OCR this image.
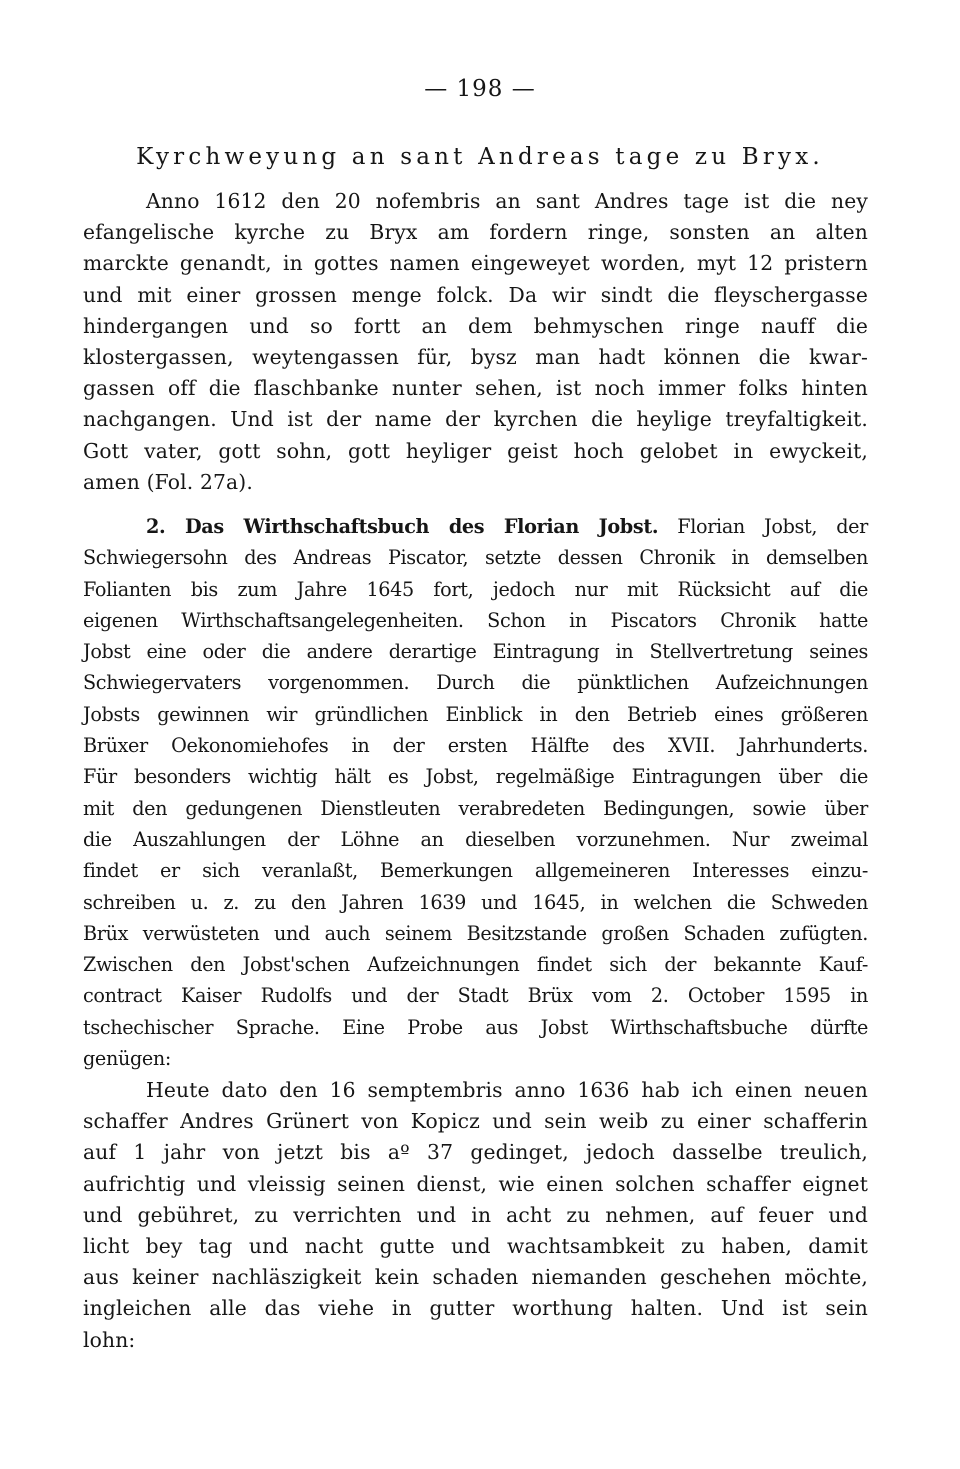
— 198 —
Kyrchweyung an sant Andreas tage zu Bryx.
Anno 1612 den 20 nofembris an sant Andres tage ist die ney
efangelische kyrche zu Bryx am fordern ringe, sonsten an alten
marckte genandt, in gottes namen eingeweyet worden, myt 12 pristern
und mit einer grossen menge folck. Da wir sindt die fleyschergasse
hindergangen und so fortt an dem behmyschen ringe nauff die
klostergassen, weytengassen für, bysz man hadt können die kwar-
gassen off die flaschbanke nunter sehen, ist noch immer folks hinten
nachgangen. Und ist der name der kyrchen die heylige treyfaltigkeit.
Gott vater, gott sohn, gott heyliger geist hoch gelobet in ewyckeit,
amen (Fol. 27a).
2. Das Wirthschaftsbuch des Florian Jobst. Florian Jobst, der
Schwiegersohn des Andreas Piscator, setzte dessen Chronik in demselben
Folianten bis zum Jahre 1645 fort, jedoch nur mit Rücksicht auf die
eigenen Wirthschaftsangelegenheiten. Schon in Piscators Chronik hatte
Jobst eine oder die andere derartige Eintragung in Stellvertretung seines
Schwiegervaters vorgenommen. Durch die pünktlichen Aufzeichnungen
Jobsts gewinnen wir gründlichen Einblick in den Betrieb eines größeren
Brüxer Oekonomiehofes in der ersten Hälfte des XVII. Jahrhunderts.
Für besonders wichtig hält es Jobst, regelmäßige Eintragungen über die
mit den gedungenen Dienstleuten verabredeten Bedingungen, sowie über
die Auszahlungen der Löhne an dieselben vorzunehmen. Nur zweimal
findet er sich veranlaßt, Bemerkungen allgemeineren Interesses einzu-
schreiben u. z. zu den Jahren 1639 und 1645, in welchen die Schweden
Brüx verwüsteten und auch seinem Besitzstande großen Schaden zufügten.
Zwischen den Jobst'schen Aufzeichnungen findet sich der bekannte Kauf-
contract Kaiser Rudolfs und der Stadt Brüx vom 2. October 1595 in
tschechischer Sprache. Eine Probe aus Jobst Wirthschaftsbuche dürfte
genügen:
Heute dato den 16 semptembris anno 1636 hab ich einen neuen
schaffer Andres Grünert von Kopicz und sein weib zu einer schafferin
auf 1 jahr von jetzt bis aº 37 gedinget, jedoch dasselbe treulich,
aufrichtig und vleissig seinen dienst, wie einen solchen schaffer eignet
und gebühret, zu verrichten und in acht zu nehmen, auf feuer und
licht bey tag und nacht gutte und wachtsambkeit zu haben, damit
aus keiner nachläszigkeit kein schaden niemanden geschehen möchte,
ingleichen alle das viehe in gutter worthung halten. Und ist sein
lohn:
